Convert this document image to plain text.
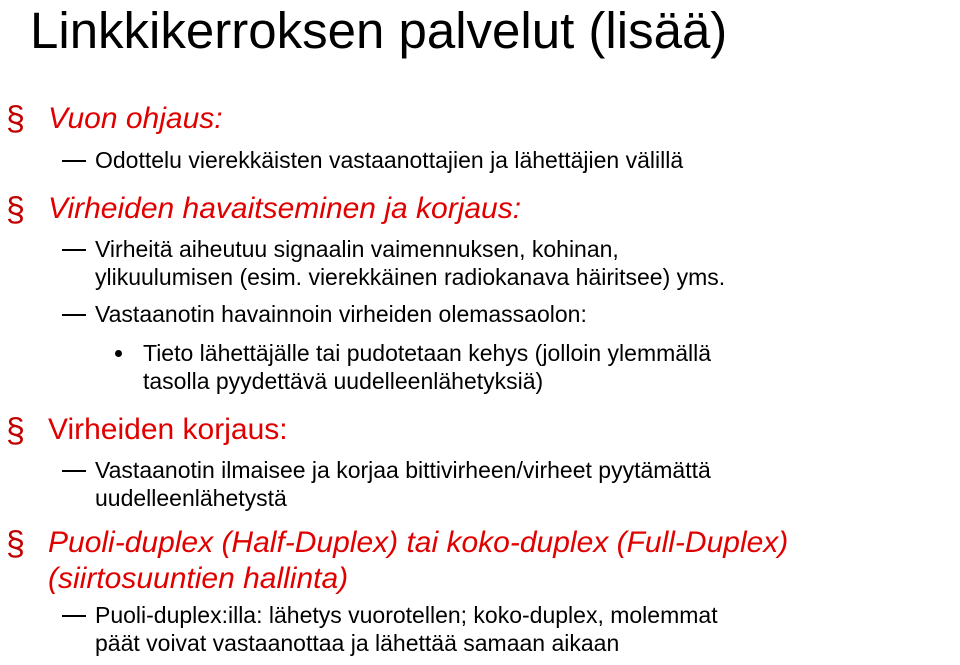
Linkkikerroksen palvelut (lisää)
§ Vuon ohjaus:
Odottelu vierekkäisten vastaanottajien ja lähettäjien välillä
§ Virheiden havaitseminen ja korjaus:
Virheitä aiheutuu signaalin vaimennuksen, kohinan,
ylikuulumisen (esim. vierekkäinen radiokanava häiritsee) yms.
Vastaanotin havainnoin virheiden olemassaolon:
Tieto lähettäjälle tai pudotetaan kehys (jolloin ylemmällä
tasolla pyydettävä uudelleenlähetyksiä)
§ Virheiden korjaus:
Vastaanotin ilmaisee ja korjaa bittivirheen/virheet pyytämättä
uudelleenlähetystä
§ Puoli-duplex (Half-Duplex) tai koko-duplex (Full-Duplex)
(siirtosuuntien hallinta)
Puoli-duplex:illa: lähetys vuorotellen; koko-duplex, molemmat
päät voivat vastaanottaa ja lähettää samaan aikaan
